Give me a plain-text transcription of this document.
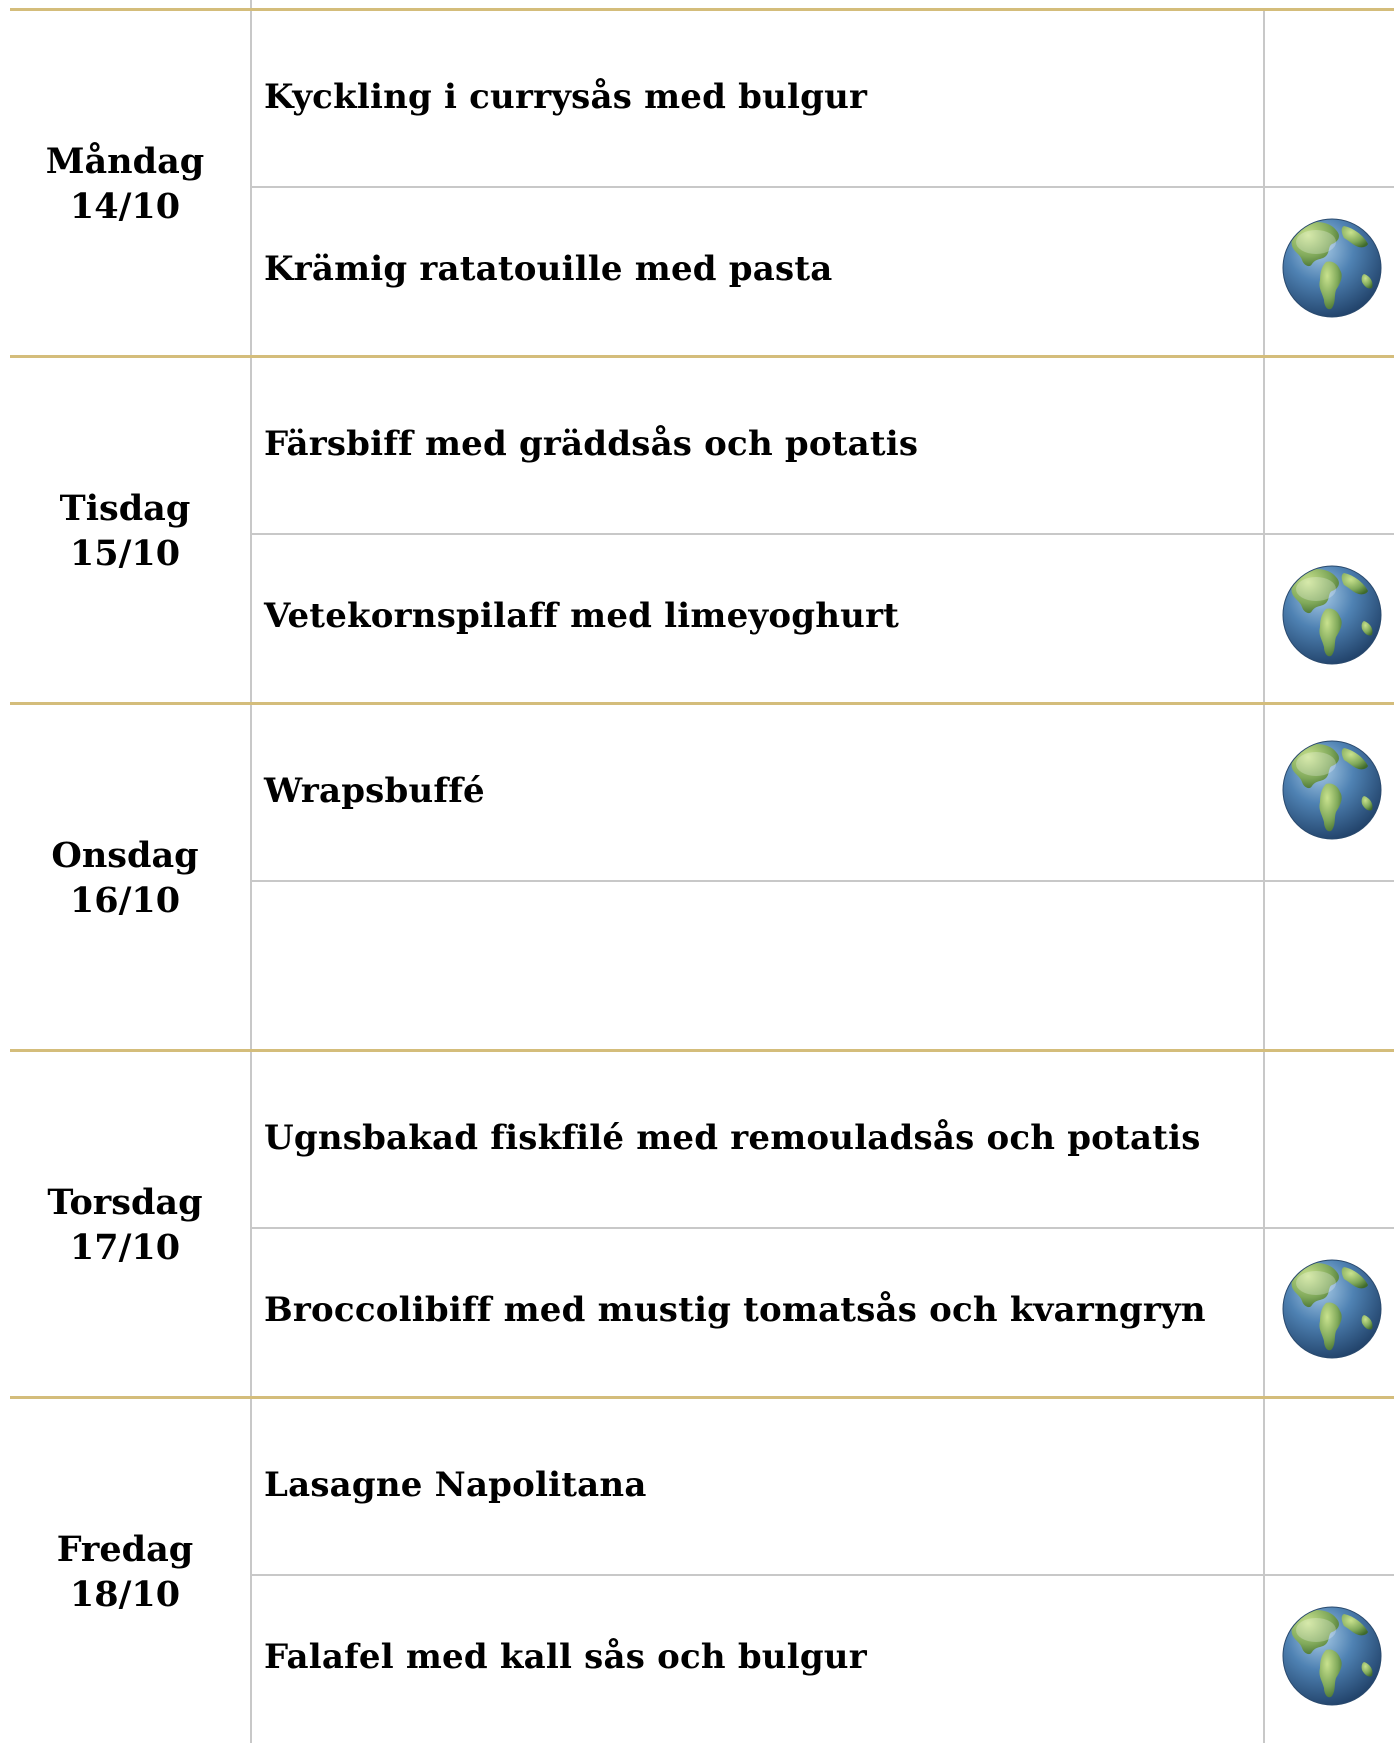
Måndag
14/10
Kyckling i currysås med bulgur
Krämig ratatouille med pasta
Tisdag
15/10
Färsbiff med gräddsås och potatis
Vetekornspilaff med limeyoghurt
Onsdag
16/10
Wrapsbuffé
Torsdag
17/10
Ugnsbakad fiskfilé med remouladsås och potatis
Broccolibiff med mustig tomatsås och kvarngryn
Fredag
18/10
Lasagne Napolitana
Falafel med kall sås och bulgur
